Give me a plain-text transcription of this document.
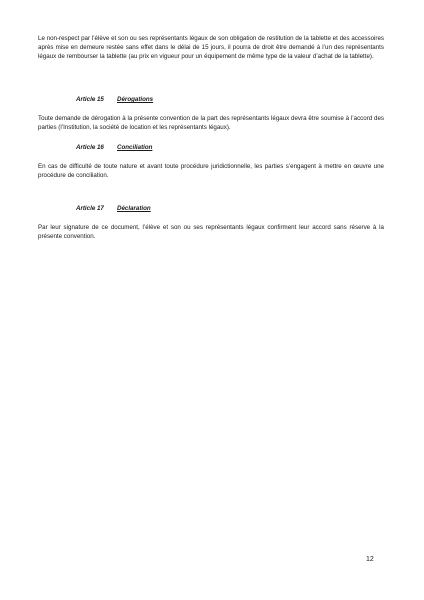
Le non-respect par l’élève et son ou ses représentants légaux de son obligation de restitution de la tablette et des accessoires après mise en demeure restée sans effet dans le délai de 15 jours, il pourra de droit être demandé à l’un des représentants légaux de rembourser la tablette (au prix en vigueur pour un équipement de même type de la valeur d’achat de la tablette).

Article 15 Dérogations

Toute demande de dérogation à la présente convention de la part des représentants légaux devra être soumise à l’accord des parties (l’Institution, la société de location et les représentants légaux).

Article 16 Conciliation

En cas de difficulté de toute nature et avant toute procédure juridictionnelle, les parties s’engagent à mettre en œuvre une procédure de conciliation.

Article 17 Déclaration

Par leur signature de ce document, l’élève et son ou ses représentants légaux confirment leur accord sans réserve à la présente convention.

12
